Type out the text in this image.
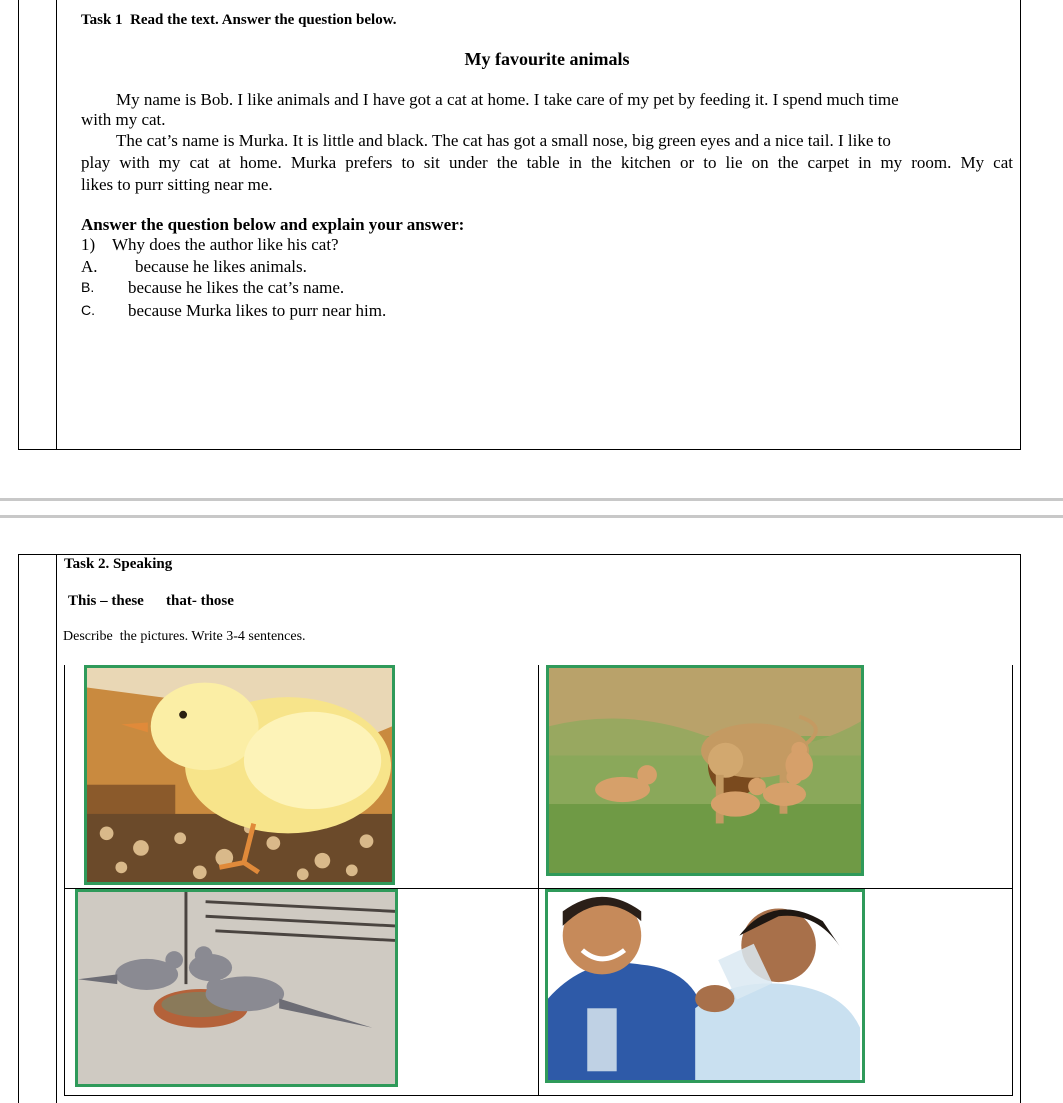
Task 1 Read the text. Answer the question below.
My favourite animals
My name is Bob. I like animals and I have got a cat at home. I take care of my pet by feeding it. I spend much time
with my cat.
The cat’s name is Murka. It is little and black. The cat has got a small nose, big green eyes and a nice tail. I like to
play with my cat at home. Murka prefers to sit under the table in the kitchen or to lie on the carpet in my room. My cat
likes to purr sitting near me.
Answer the question below and explain your answer:
1) Why does the author like his cat?
A. because he likes animals.
B. because he likes the cat’s name.
C. because Murka likes to purr near him.
Task 2. Speaking
This – these that- those
Describe  the pictures. Write 3-4 sentences.
